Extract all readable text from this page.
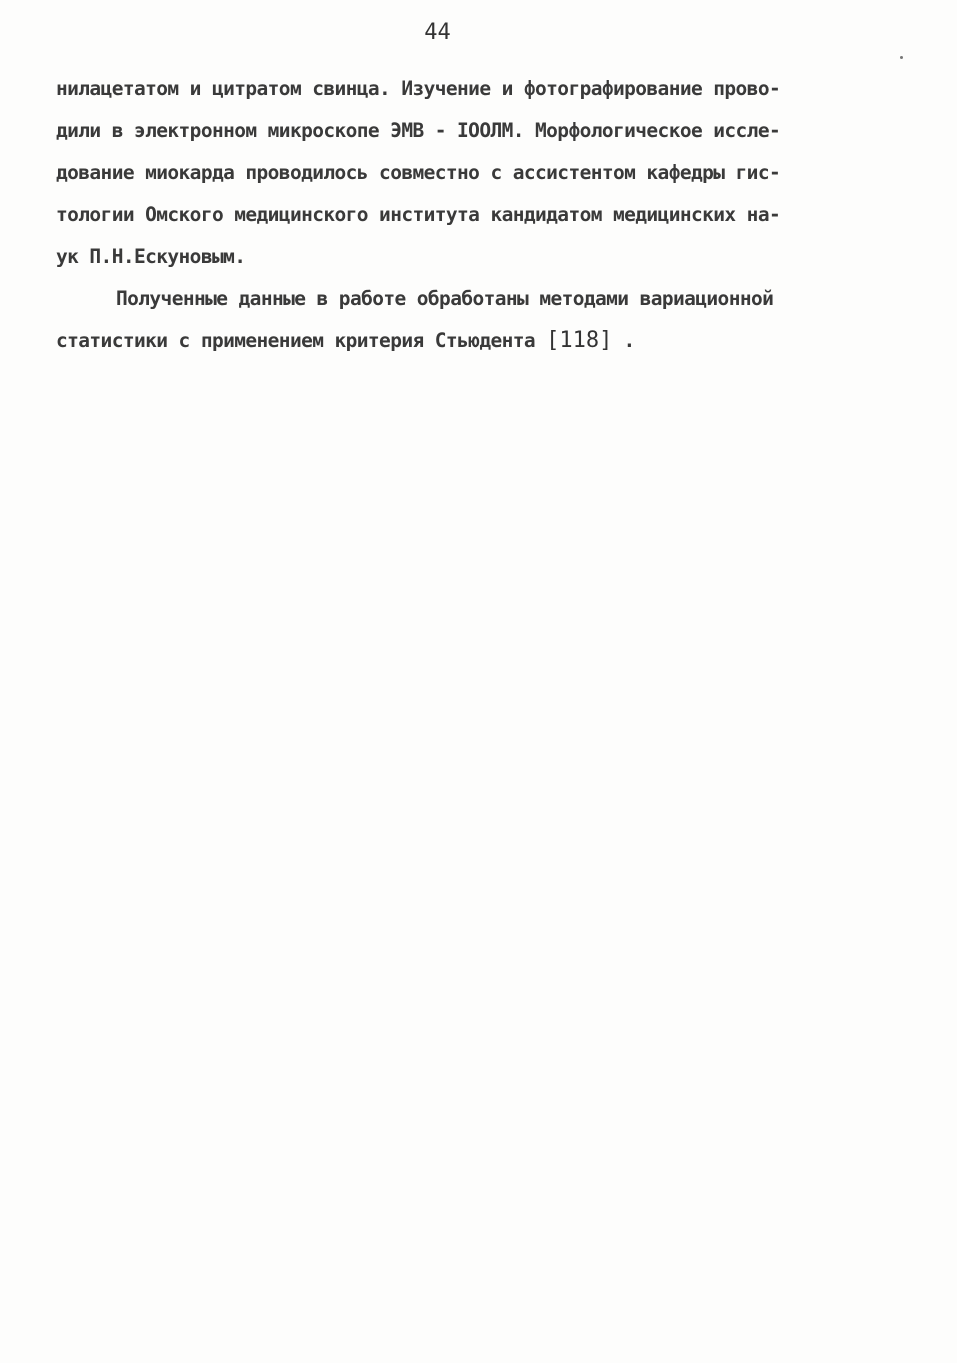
44
нилацетатом и цитратом свинца. Изучение и фотографирование прово-
дили в электронном микроскопе ЭМВ - IOОЛМ. Морфологическое иссле-
дование миокарда проводилось совместно с ассистентом кафедры гис-
тологии Омского медицинского института кандидатом медицинских на-
ук П.Н.Ескуновым.
Полученные данные в работе обработаны методами вариационной
статистики с применением критерия Стьюдента [118] .
